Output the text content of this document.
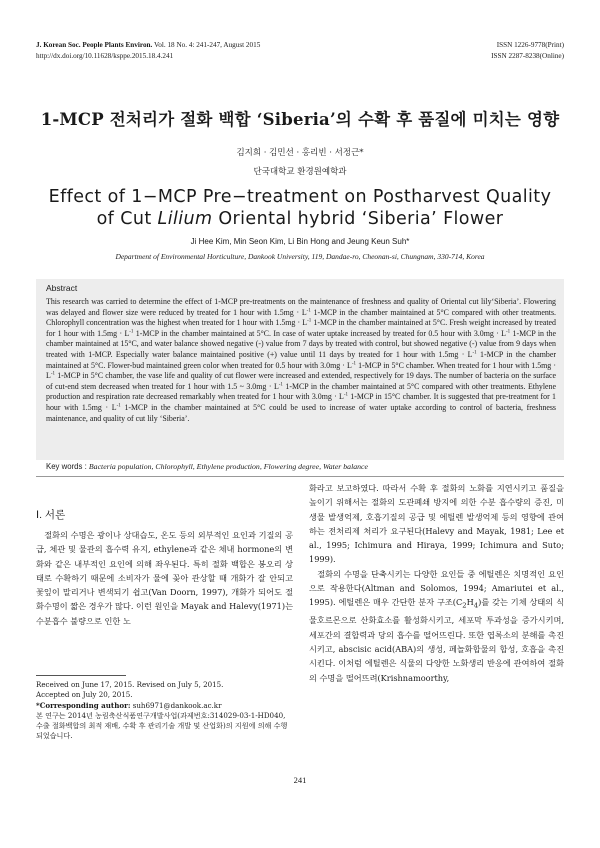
J. Korean Soc. People Plants Environ. Vol. 18 No. 4: 241-247, August 2015
http://dx.doi.org/10.11628/ksppe.2015.18.4.241
ISSN 1226-9778(Print)
ISSN 2287-8238(Online)
1-MCP 전처리가 절화 백합 ‘Siberia’의 수확 후 품질에 미치는 영향
김지희 · 김민선 · 홍리빈 · 서정근*
단국대학교 환경원예학과
Effect of 1−MCP Pre−treatment on Postharvest Quality
of Cut Lilium Oriental hybrid ‘Siberia’ Flower
Ji Hee Kim, Min Seon Kim, Li Bin Hong and Jeung Keun Suh*
Department of Environmental Horticulture, Dankook University, 119, Dandae-ro, Cheonan-si, Chungnam, 330-714, Korea
Abstract
This research was carried to determine the effect of 1-MCP pre-treatments on the maintenance of freshness and quality of Oriental cut lily‘Siberia’. Flowering was delayed and flower size were reduced by treated for 1 hour with $1.5mg \cdot L^{-1}$ 1-MCP in the chamber maintained at 5°C compared with other treatments. Chlorophyll concentration was the highest when treated for 1 hour with $1.5mg \cdot L^{-1}$ 1-MCP in the chamber maintained at 5°C. Fresh weight increased by treated for 1 hour with $1.5mg \cdot L^{-1}$ 1-MCP in the chamber maintained at 5°C. In case of water uptake increased by treated for 0.5 hour with $3.0mg \cdot L^{-1}$ 1-MCP in the chamber maintained at 15°C, and water balance showed negative (-) value from 7 days by treated with control, but showed negative (-) value from 9 days when treated with 1-MCP. Especially water balance maintained positive (+) value until 11 days by treated for 1 hour with $1.5mg \cdot L^{-1}$ 1-MCP in the chamber maintained at 5°C. Flower-bud maintained green color when treated for 0.5 hour with $3.0mg \cdot L^{-1}$ 1-MCP in 5°C chamber. When treated for 1 hour with $1.5mg \cdot L^{-1}$ 1-MCP in 5°C chamber, the vase life and quality of cut flower were increased and extended, respectively for 19 days. The number of bacteria on the surface of cut-end stem decreased when treated for 1 hour with 1.5 ~ $3.0mg \cdot L^{-1}$ 1-MCP in the chamber maintained at 5°C compared with other treatments. Ethylene production and respiration rate decreased remarkably when treated for 1 hour with $3.0mg \cdot L^{-1}$ 1-MCP in 15°C chamber. It is suggested that pre-treatment for 1 hour with $1.5mg \cdot L^{-1}$ 1-MCP in the chamber maintained at 5°C could be used to increase of water uptake according to control of bacteria, freshness maintenance, and quality of cut lily ‘Siberia’.
Key words : Bacteria population, Chlorophyll, Ethylene production, Flowering degree, Water balance
Ⅰ. 서론

절화의 수명은 광이나 상대습도, 온도 등의 외부적인 요인과 기질의 공급, 체관 및 물관의 흡수력 유지, ethylene과 같은 체내 hormone의 변화와 같은 내부적인 요인에 의해 좌우된다. 특히 절화 백합은 봉오리 상태로 수확하기 때문에 소비자가 물에 꽂아 관상할 때 개화가 잘 안되고 꽃잎이 말리거나 변색되기 쉽고(Van Doorn, 1997), 개화가 되어도 절화수명이 짧은 경우가 많다. 이런 원인을 Mayak and Halevy(1971)는 수분흡수 불량으로 인한 노

화라고 보고하였다. 따라서 수확 후 절화의 노화를 지연시키고 품질을 높이기 위해서는 절화의 도관폐쇄 방지에 의한 수분 흡수량의 증진, 미생물 발생억제, 호흡기질의 공급 및 에틸렌 발생억제 등의 영향에 관여하는 전처리제 처리가 요구된다(Halevy and Mayak, 1981; Lee et al., 1995; Ichimura and Hiraya, 1999; Ichimura and Suto; 1999).

절화의 수명을 단축시키는 다양한 요인들 중 에틸렌은 치명적인 요인으로 작용한다(Altman and Solomos, 1994; Amariutei et al., 1995). 에틸렌은 매우 간단한 분자 구조$(C_2H_4)$를 갖는 기체 상태의 식물호르몬으로 산화효소를 활성화시키고, 세포막 투과성을 증가시키며, 세포간의 결합력과 당의 흡수를 떨어뜨린다. 또한 엽록소의 분해를 촉진시키고, abscisic acid(ABA)의 생성, 페놀화합물의 합성, 호흡을 촉진시킨다. 이처럼 에틸렌은 식물의 다양한 노화생리 반응에 관여하여 절화의 수명을 떨어뜨려(Krishnamoorthy,

Received on June 17, 2015. Revised on July 5, 2015.
Accepted on July 20, 2015.
*Corresponding author: suh6971@dankook.ac.kr
본 연구는 2014년 농림축산식품연구개발사업(과제번호:314029-03-1-HD040, 수출 절화백합의 최적 재배, 수확 후 관리기술 개발 및 산업화)의 지원에 의해 수행되었습니다.
241
